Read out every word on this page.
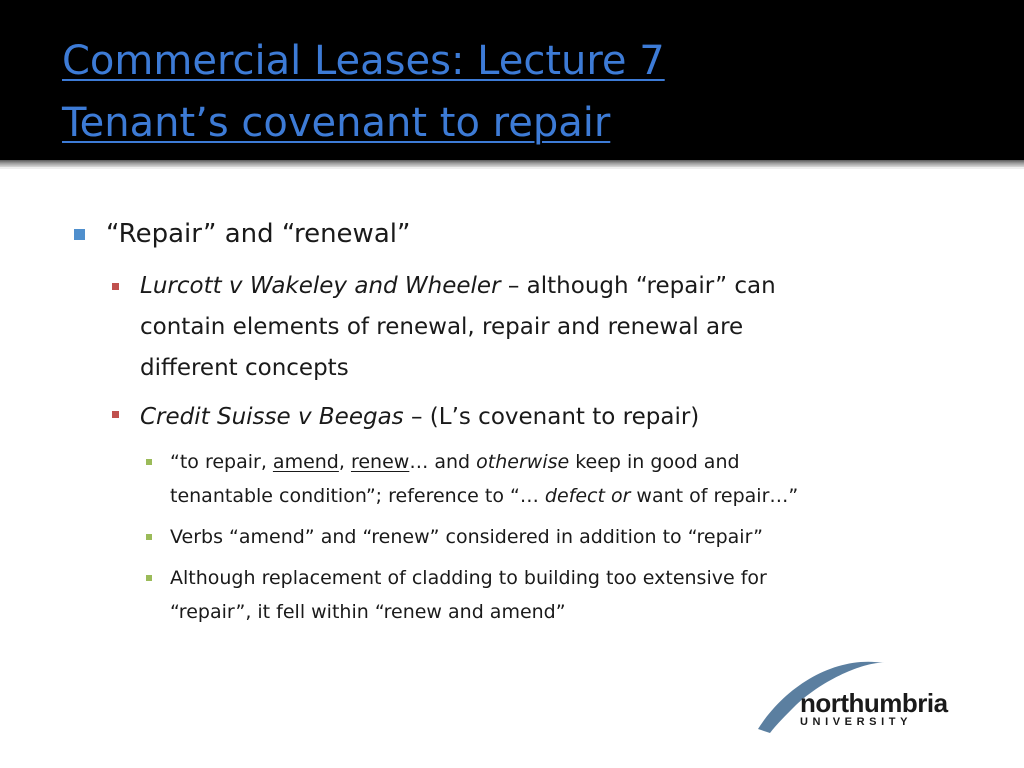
Commercial Leases: Lecture 7
Tenant’s covenant to repair
“Repair” and “renewal”
Lurcott v Wakeley and Wheeler – although “repair” can
contain elements of renewal, repair and renewal are
different concepts
Credit Suisse v Beegas – (L’s covenant to repair)
“to repair, amend, renew… and otherwise keep in good and
tenantable condition”; reference to “… defect or want of repair…”
Verbs “amend” and “renew” considered in addition to “repair”
Although replacement of cladding to building too extensive for
“repair”, it fell within “renew and amend”
northumbria
UNIVERSITY
